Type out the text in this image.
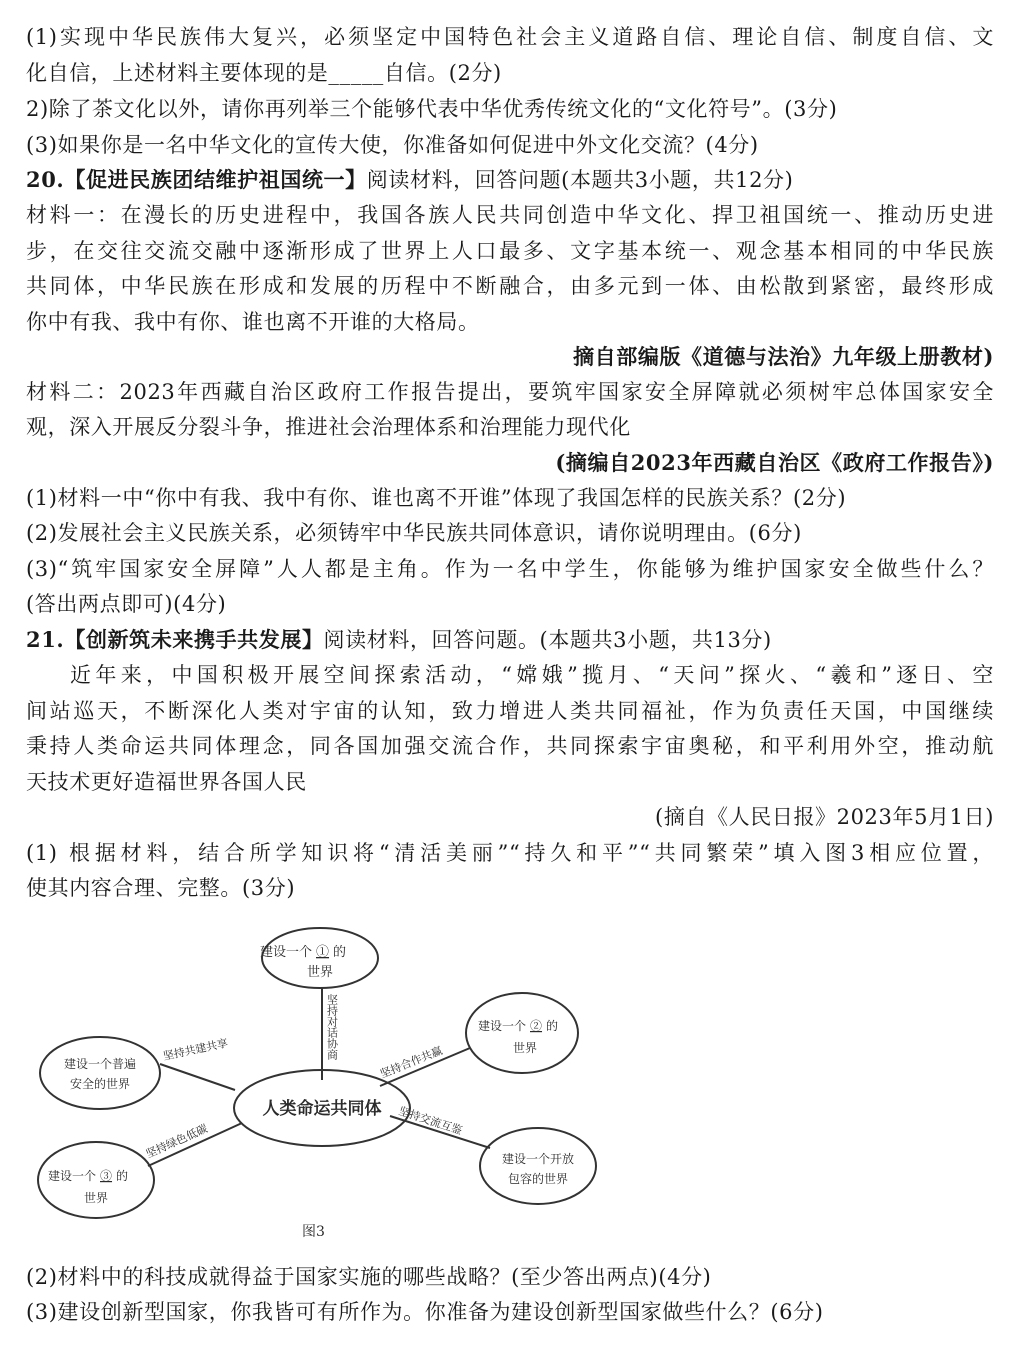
(1)实现中华民族伟大复兴，必须坚定中国特色社会主义道路自信、理论自信、制度自信、文
化自信，上述材料主要体现的是_____自信。(2分)
2)除了茶文化以外，请你再列举三个能够代表中华优秀传统文化的“文化符号”。(3分)
(3)如果你是一名中华文化的宣传大使，你准备如何促进中外文化交流？(4分)
20.【促进民族团结维护祖国统一】阅读材料，回答问题(本题共3小题，共12分)
材料一：在漫长的历史进程中，我国各族人民共同创造中华文化、捍卫祖国统一、推动历史进
步，在交往交流交融中逐渐形成了世界上人口最多、文字基本统一、观念基本相同的中华民族
共同体，中华民族在形成和发展的历程中不断融合，由多元到一体、由松散到紧密，最终形成
你中有我、我中有你、谁也离不开谁的大格局。
摘自部编版《道德与法治》九年级上册教材)
材料二：2023年西藏自治区政府工作报告提出，要筑牢国家安全屏障就必须树牢总体国家安全
观，深入开展反分裂斗争，推进社会治理体系和治理能力现代化
(摘编自2023年西藏自治区《政府工作报告》)
(1)材料一中“你中有我、我中有你、谁也离不开谁”体现了我国怎样的民族关系？(2分)
(2)发展社会主义民族关系，必须铸牢中华民族共同体意识，请你说明理由。(6分)
(3)“筑牢国家安全屏障”人人都是主角。作为一名中学生，你能够为维护国家安全做些什么？
(答出两点即可)(4分)
21.【创新筑未来携手共发展】阅读材料，回答问题。(本题共3小题，共13分)
近年来，中国积极开展空间探索活动，“嫦娥”揽月、“天问”探火、“羲和”逐日、空
间站巡天，不断深化人类对宇宙的认知，致力增进人类共同福祉，作为负责任天国，中国继续
秉持人类命运共同体理念，同各国加强交流合作，共同探索宇宙奥秘，和平利用外空，推动航
天技术更好造福世界各国人民
(摘自《人民日报》2023年5月1日)
(1) 根据材料，结合所学知识将“清活美丽”“持久和平”“共同繁荣”填入图3相应位置，
使其内容合理、完整。(3分)
人类命运共同体
建设一个 ① 的
世界
建设一个普遍
安全的世界
建设一个 ② 的
世界
建设一个 ③ 的
世界
建设一个开放
包容的世界
坚持对话协商
坚持共建共享	坚持合作共赢
坚持绿色低碳
坚持交流互鉴
图3
(2)材料中的科技成就得益于国家实施的哪些战略？(至少答出两点)(4分)
(3)建设创新型国家，你我皆可有所作为。你准备为建设创新型国家做些什么？(6分)
